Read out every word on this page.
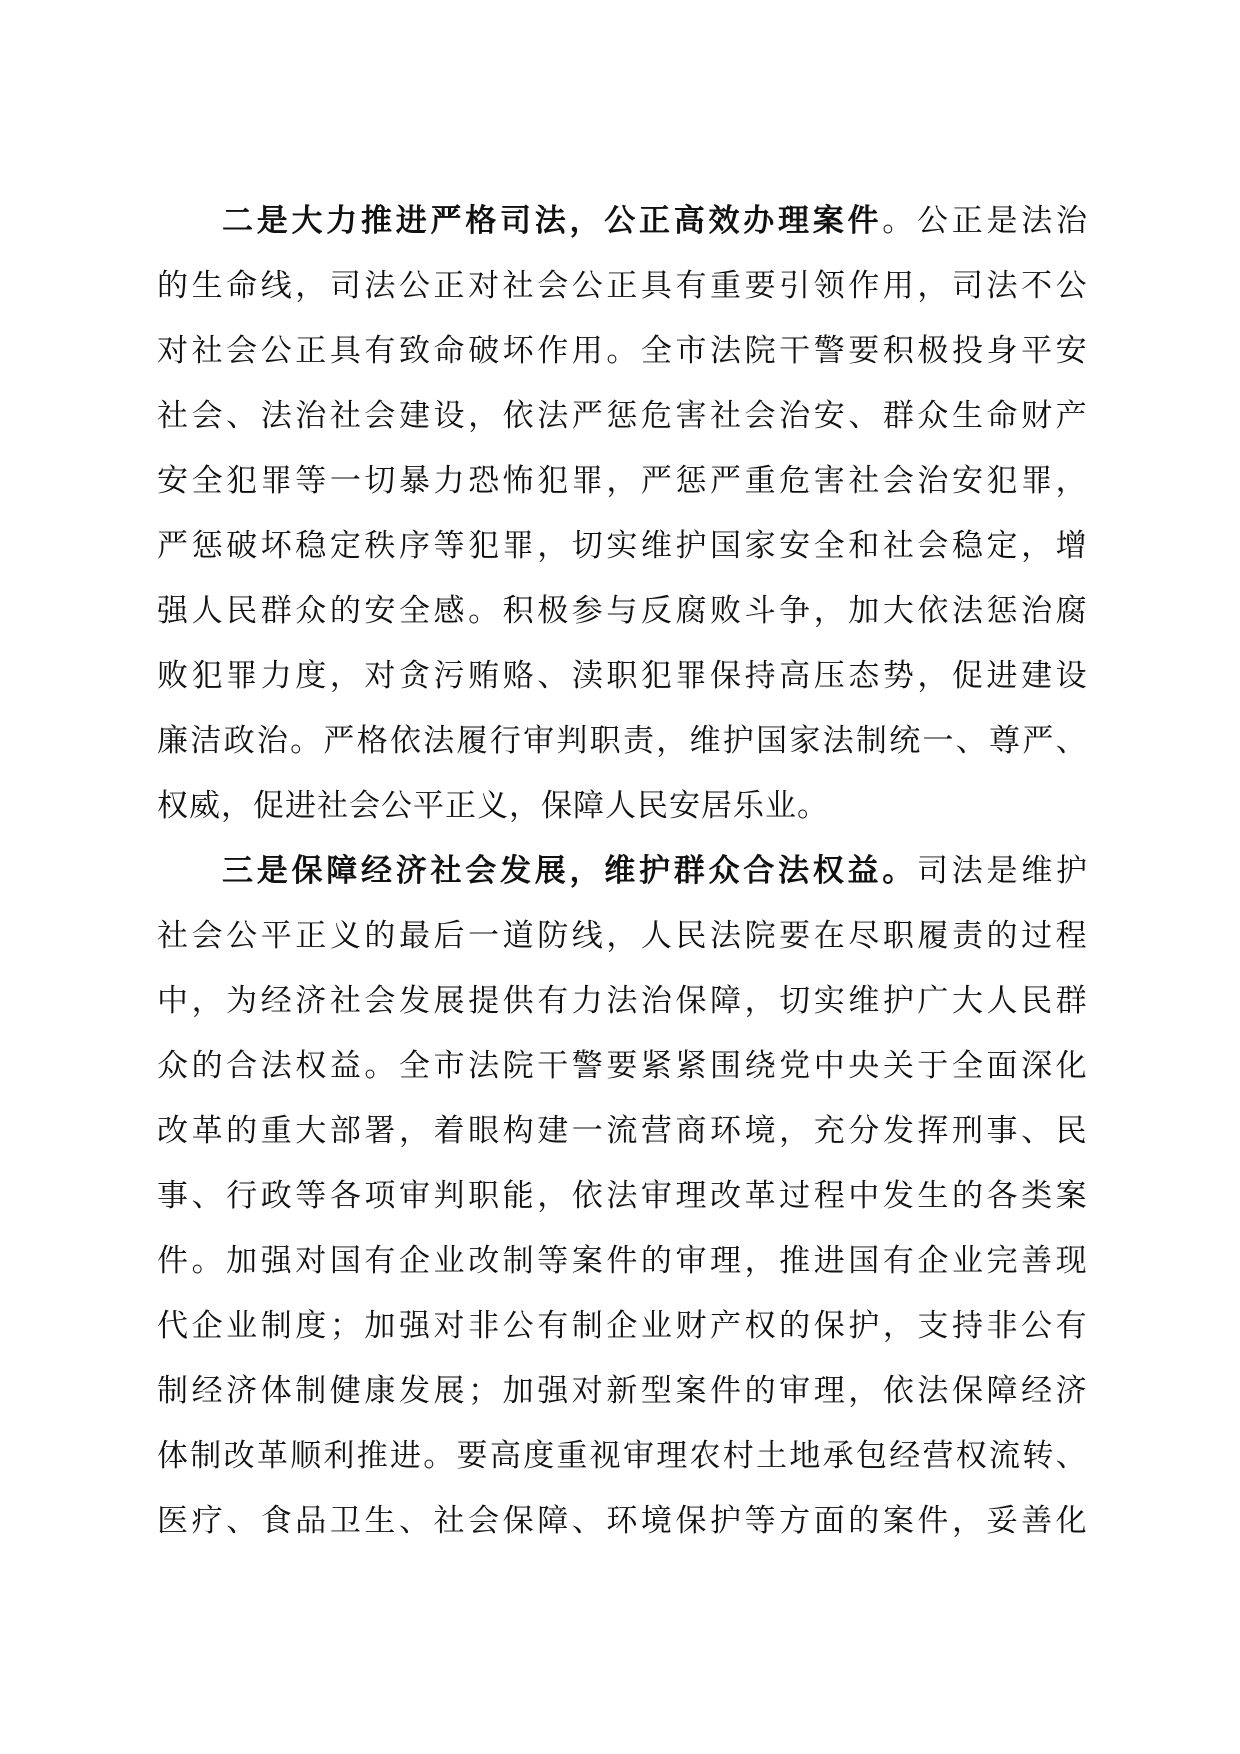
二 是 大 力 推 进 严 格 司 法 ， 公 正 高 效 办 理 案 件 。 公 正 是 法 治
的 生 命 线 ， 司 法 公 正 对 社 会 公 正 具 有 重 要 引 领 作 用 ， 司 法 不 公
对 社 会 公 正 具 有 致 命 破 坏 作 用 。 全 市 法 院 干 警 要 积 极 投 身 平 安
社 会 、 法 治 社 会 建 设 ， 依 法 严 惩 危 害 社 会 治 安 、 群 众 生 命 财 产
安 全 犯 罪 等 一 切 暴 力 恐 怖 犯 罪 ， 严 惩 严 重 危 害 社 会 治 安 犯 罪 ，
严 惩 破 坏 稳 定 秩 序 等 犯 罪 ， 切 实 维 护 国 家 安 全 和 社 会 稳 定 ， 增
强 人 民 群 众 的 安 全 感 。 积 极 参 与 反 腐 败 斗 争 ， 加 大 依 法 惩 治 腐
败 犯 罪 力 度 ， 对 贪 污 贿 赂 、 渎 职 犯 罪 保 持 高 压 态 势 ， 促 进 建 设
廉 洁 政 治 。 严 格 依 法 履 行 审 判 职 责 ， 维 护 国 家 法 制 统 一 、 尊 严 、
权 威 ， 促 进 社 会 公 平 正 义 ， 保 障 人 民 安 居 乐 业 。
三 是 保 障 经 济 社 会 发 展 ， 维 护 群 众 合 法 权 益 。 司 法 是 维 护
社 会 公 平 正 义 的 最 后 一 道 防 线 ， 人 民 法 院 要 在 尽 职 履 责 的 过 程
中 ， 为 经 济 社 会 发 展 提 供 有 力 法 治 保 障 ， 切 实 维 护 广 大 人 民 群
众 的 合 法 权 益 。 全 市 法 院 干 警 要 紧 紧 围 绕 党 中 央 关 于 全 面 深 化
改 革 的 重 大 部 署 ， 着 眼 构 建 一 流 营 商 环 境 ， 充 分 发 挥 刑 事 、 民
事 、 行 政 等 各 项 审 判 职 能 ， 依 法 审 理 改 革 过 程 中 发 生 的 各 类 案
件 。 加 强 对 国 有 企 业 改 制 等 案 件 的 审 理 ， 推 进 国 有 企 业 完 善 现
代 企 业 制 度 ； 加 强 对 非 公 有 制 企 业 财 产 权 的 保 护 ， 支 持 非 公 有
制 经 济 体 制 健 康 发 展 ； 加 强 对 新 型 案 件 的 审 理 ， 依 法 保 障 经 济
体 制 改 革 顺 利 推 进 。 要 高 度 重 视 审 理 农 村 土 地 承 包 经 营 权 流 转 、
医 疗 、 食 品 卫 生 、 社 会 保 障 、 环 境 保 护 等 方 面 的 案 件 ， 妥 善 化
